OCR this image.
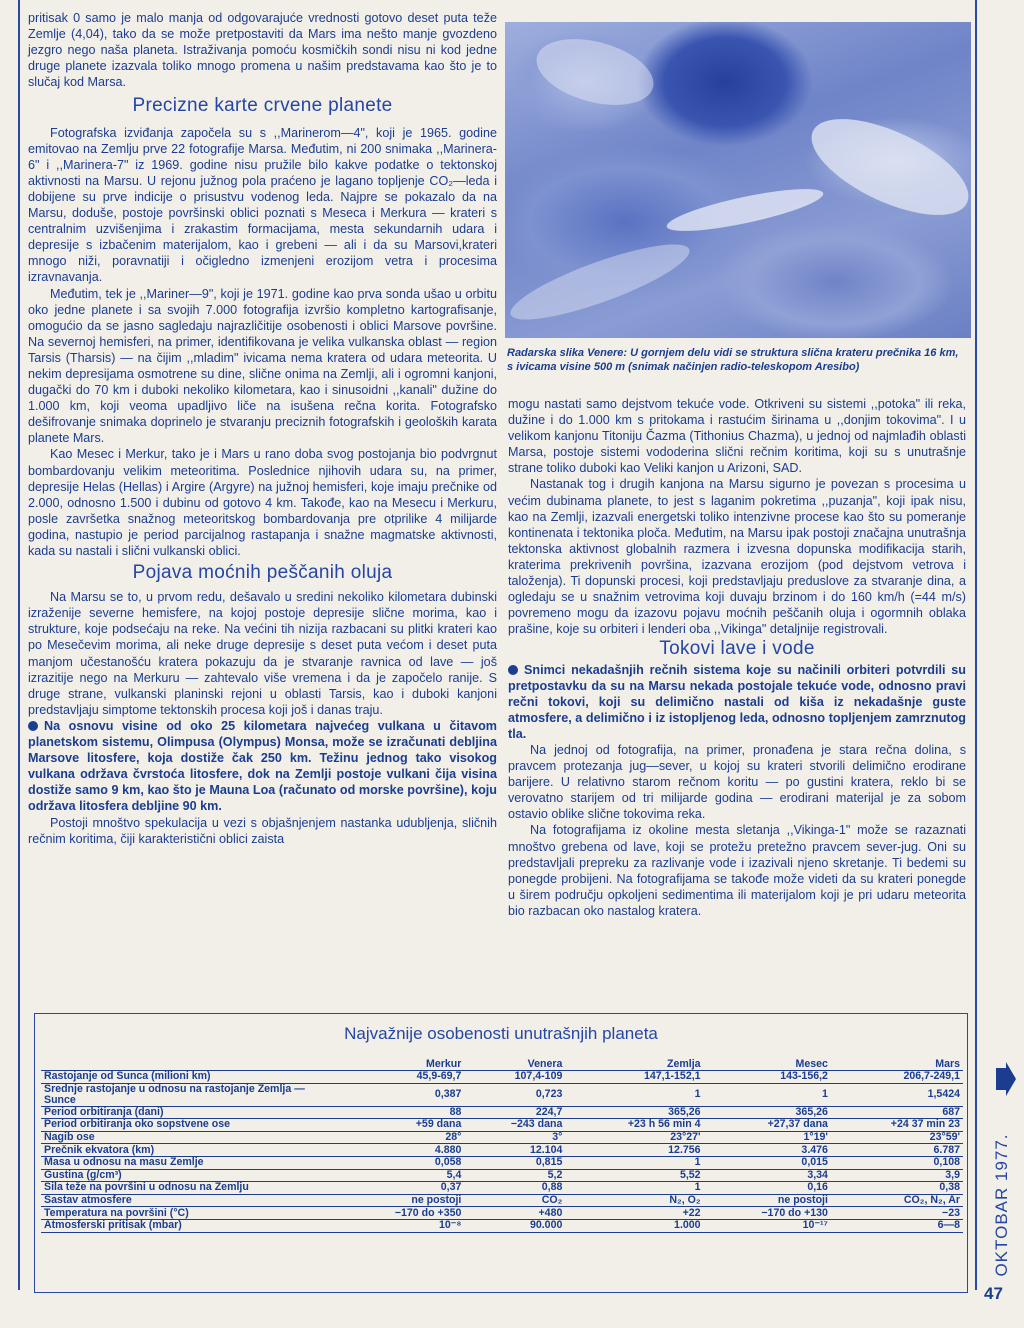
pritisak 0 samo je malo manja od odgovarajuće vrednosti gotovo deset puta teže Zemlje (4,04), tako da se može pretpostaviti da Mars ima nešto manje gvozdeno jezgro nego naša planeta. Istraživanja pomoću kosmičkih sondi nisu ni kod jedne druge planete izazvala toliko mnogo promena u našim predstavama kao što je to slučaj kod Marsa.

Precizne karte crvene planete

Fotografska izviđanja započela su s ,,Marinerom—4", koji je 1965. godine emitovao na Zemlju prve 22 fotografije Marsa. Međutim, ni 200 snimaka ,,Marinera-6" i ,,Marinera-7" iz 1969. godine nisu pružile bilo kakve podatke o tektonskoj aktivnosti na Marsu. U rejonu južnog pola praćeno je lagano topljenje CO₂—leda i dobijene su prve indicije o prisustvu vodenog leda. Najpre se pokazalo da na Marsu, doduše, postoje površinski oblici poznati s Meseca i Merkura — krateri s centralnim uzvišenjima i zrakastim formacijama, mesta sekundarnih udara i depresije s izbačenim materijalom, kao i grebeni — ali i da su Marsovi,krateri mnogo niži, poravnatiji i očigledno izmenjeni erozijom vetra i procesima izravnavanja.

Međutim, tek je ,,Mariner—9", koji je 1971. godine kao prva sonda ušao u orbitu oko jedne planete i sa svojih 7.000 fotografija izvršio kompletno kartografisanje, omogućio da se jasno sagledaju najrazličitije osobenosti i oblici Marsove površine. Na severnoj hemisferi, na primer, identifikovana je velika vulkanska oblast — region Tarsis (Tharsis) — na čijim ,,mladim" ivicama nema kratera od udara meteorita. U nekim depresijama osmotrene su dine, slične onima na Zemlji, ali i ogromni kanjoni, dugački do 70 km i duboki nekoliko kilometara, kao i sinusoidni ,,kanali" dužine do 1.000 km, koji veoma upadljivo liče na isušena rečna korita. Fotografsko dešifrovanje snimaka doprinelo je stvaranju preciznih fotografskih i geoloških karata planete Mars.

Kao Mesec i Merkur, tako je i Mars u rano doba svog postojanja bio podvrgnut bombardovanju velikim meteoritima. Poslednice njihovih udara su, na primer, depresije Helas (Hellas) i Argire (Argyre) na južnoj hemisferi, koje imaju prečnike od 2.000, odnosno 1.500 i dubinu od gotovo 4 km. Takođe, kao na Mesecu i Merkuru, posle završetka snažnog meteoritskog bombardovanja pre otprilike 4 milijarde godina, nastupio je period parcijalnog rastapanja i snažne magmatske aktivnosti, kada su nastali i slični vulkanski oblici.

Pojava moćnih peščanih oluja

Na Marsu se to, u prvom redu, dešavalo u sredini nekoliko kilometara dubinski izraženije severne hemisfere, na kojoj postoje depresije slične morima, kao i strukture, koje podsećaju na reke. Na većini tih nizija razbacani su plitki krateri kao po Mesečevim morima, ali neke druge depresije s deset puta većom i deset puta manjom učestanošću kratera pokazuju da je stvaranje ravnica od lave — još izrazitije nego na Merkuru — zahtevalo više vremena i da je započelo ranije. S druge strane, vulkanski planinski rejoni u oblasti Tarsis, kao i duboki kanjoni predstavljaju simptome tektonskih procesa koji još i danas traju.

Na osnovu visine od oko 25 kilometara najvećeg vulkana u čitavom planetskom sistemu, Olimpusa (Olympus) Monsa, može se izračunati debljina Marsove litosfere, koja dostiže čak 250 km. Težinu jednog tako visokog vulkana održava čvrstoća litosfere, dok na Zemlji postoje vulkani čija visina dostiže samo 9 km, kao što je Mauna Loa (računato od morske površine), koju održava litosfera debljine 90 km.

Postoji mnoštvo spekulacija u vezi s objašnjenjem nastanka udubljenja, sličnih rečnim koritima, čiji karakteristični oblici zaista

Radarska slika Venere: U gornjem delu vidi se struktura slična krateru prečnika 16 km, s ivicama visine 500 m (snimak načinjen radio-teleskopom Aresibo)

mogu nastati samo dejstvom tekuće vode. Otkriveni su sistemi ,,potoka" ili reka, dužine i do 1.000 km s pritokama i rastućim širinama u ,,donjim tokovima". I u velikom kanjonu Titoniju Čazma (Tithonius Chazma), u jednoj od najmlađih oblasti Marsa, postoje sistemi vododerina slični rečnim koritima, koji su s unutrašnje strane toliko duboki kao Veliki kanjon u Arizoni, SAD.

Nastanak tog i drugih kanjona na Marsu sigurno je povezan s procesima u većim dubinama planete, to jest s laganim pokretima ,,puzanja", koji ipak nisu, kao na Zemlji, izazvali energetski toliko intenzivne procese kao što su pomeranje kontinenata i tektonika ploča. Međutim, na Marsu ipak postoji značajna unutrašnja tektonska aktivnost globalnih razmera i izvesna dopunska modifikacija starih, kraterima prekrivenih površina, izazvana erozijom (pod dejstvom vetrova i taloženja). Ti dopunski procesi, koji predstavljaju preduslove za stvaranje dina, a ogledaju se u snažnim vetrovima koji duvaju brzinom i do 160 km/h (=44 m/s) povremeno mogu da izazovu pojavu moćnih peščanih oluja i ogormnih oblaka prašine, koje su orbiteri i lenderi oba ,,Vikinga" detaljnije registrovali.

Tokovi lave i vode

Snimci nekadašnjih rečnih sistema koje su načinili orbiteri potvrdili su pretpostavku da su na Marsu nekada postojale tekuće vode, odnosno pravi rečni tokovi, koji su delimično nastali od kiša iz nekadašnje guste atmosfere, a delimično i iz istopljenog leda, odnosno topljenjem zamrznutog tla.

Na jednoj od fotografija, na primer, pronađena je stara rečna dolina, s pravcem protezanja jug—sever, u kojoj su krateri stvorili delimično erodirane barijere. U relativno starom rečnom koritu — po gustini kratera, reklo bi se verovatno starijem od tri milijarde godina — erodirani materijal je za sobom ostavio oblike slične tokovima reka.

Na fotografijama iz okoline mesta sletanja ,,Vikinga-1" može se razaznati mnoštvo grebena od lave, koji se protežu pretežno pravcem sever-jug. Oni su predstavljali prepreku za razlivanje vode i izazivali njeno skretanje. Ti bedemi su ponegde probijeni. Na fotografijama se takođe može videti da su krateri ponegde u širem području opkoljeni sedimentima ili materijalom koji je pri udaru meteorita bio razbacan oko nastalog kratera.

Najvažnije osobenosti unutrašnjih planeta
	Merkur	Venera	Zemlja	Mesec	Mars
Rastojanje od Sunca (milioni km)	45,9-69,7	107,4-109	147,1-152,1	143-156,2	206,7-249,1
Srednje rastojanje u odnosu na rastojanje Zemlja — Sunce	0,387	0,723	1	1	1,5424
Period orbitiranja (dani)	88	224,7	365,26	365,26	687
Period orbitiranja oko sopstvene ose	+59 dana	−243 dana	+23 h 56 min 4	+27,37 dana	+24 37 min 23
Nagib ose	28°	3°	23°27'	1°19'	23°59'
Prečnik ekvatora (km)	4.880	12.104	12.756	3.476	6.787
Masa u odnosu na masu Zemlje	0,058	0,815	1	0,015	0,108
Gustina (g/cm³)	5,4	5,2	5,52	3,34	3,9
Sila teže na površini u odnosu na Zemlju	0,37	0,88	1	0,16	0,38
Sastav atmosfere	ne postoji	CO₂	N₂, O₂	ne postoji	CO₂, N₂, Ar
Temperatura na površini (°C)	−170 do +350	+480	+22	−170 do +130	−23
Atmosferski pritisak (mbar)	10⁻⁸	90.000	1.000	10⁻¹⁷	6—8 OKTOBAR 1977.
47
